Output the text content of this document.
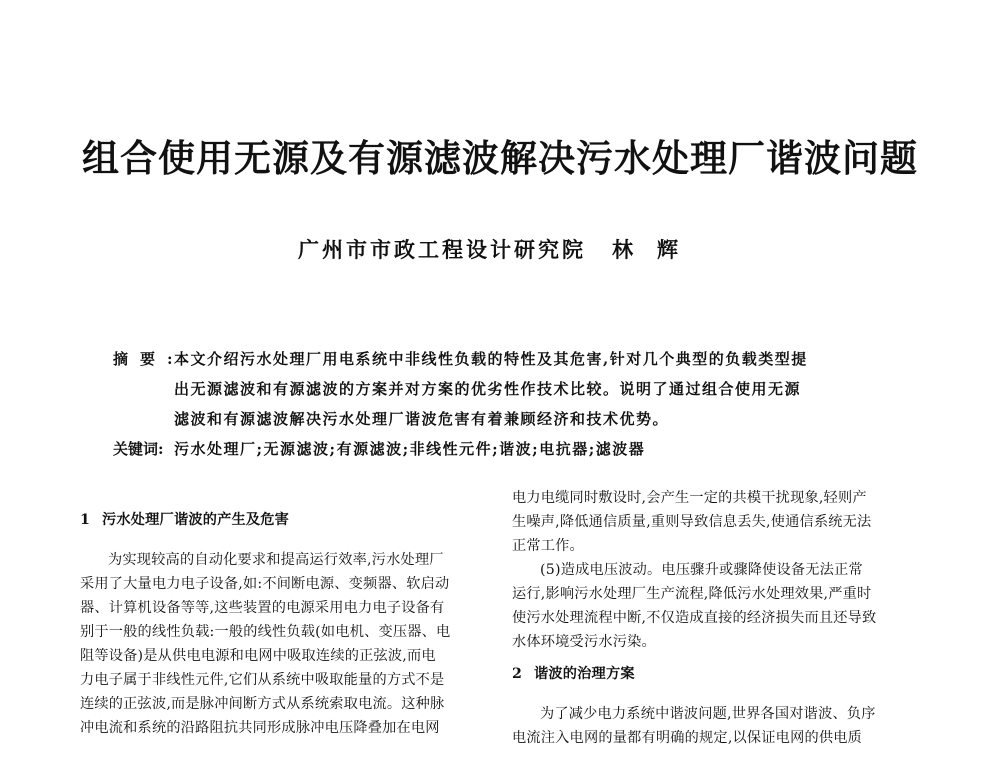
组合使用无源及有源滤波解决污水处理厂谐波问题
广州市市政工程设计研究院 林辉
摘要:
本文介绍污水处理厂用电系统中非线性负载的特性及其危害,针对几个典型的负载类型提
出无源滤波和有源滤波的方案并对方案的优劣性作技术比较。说明了通过组合使用无源
滤波和有源滤波解决污水处理厂谐波危害有着兼顾经济和技术优势。
关键词: 污水处理厂;无源滤波;有源滤波;非线性元件;谐波;电抗器;滤波器

1 污水处理厂谐波的产生及危害

为实现较高的自动化要求和提高运行效率,污水处理厂

采用了大量电力电子设备,如:不间断电源、变频器、软启动

器、计算机设备等等,这些装置的电源采用电力电子设备有

别于一般的线性负载:一般的线性负载(如电机、变压器、电

阻等设备)是从供电电源和电网中吸取连续的正弦波,而电

力电子属于非线性元件,它们从系统中吸取能量的方式不是

连续的正弦波,而是脉冲间断方式从系统索取电流。这种脉

冲电流和系统的沿路阻抗共同形成脉冲电压降叠加在电网

电力电缆同时敷设时,会产生一定的共模干扰现象,轻则产

生噪声,降低通信质量,重则导致信息丢失,使通信系统无法

正常工作。

(5)造成电压波动。电压骤升或骤降使设备无法正常

运行,影响污水处理厂生产流程,降低污水处理效果,严重时

使污水处理流程中断,不仅造成直接的经济损失而且还导致

水体环境受污水污染。

2 谐波的治理方案

为了减少电力系统中谐波问题,世界各国对谐波、负序

电流注入电网的量都有明确的规定,以保证电网的供电质
